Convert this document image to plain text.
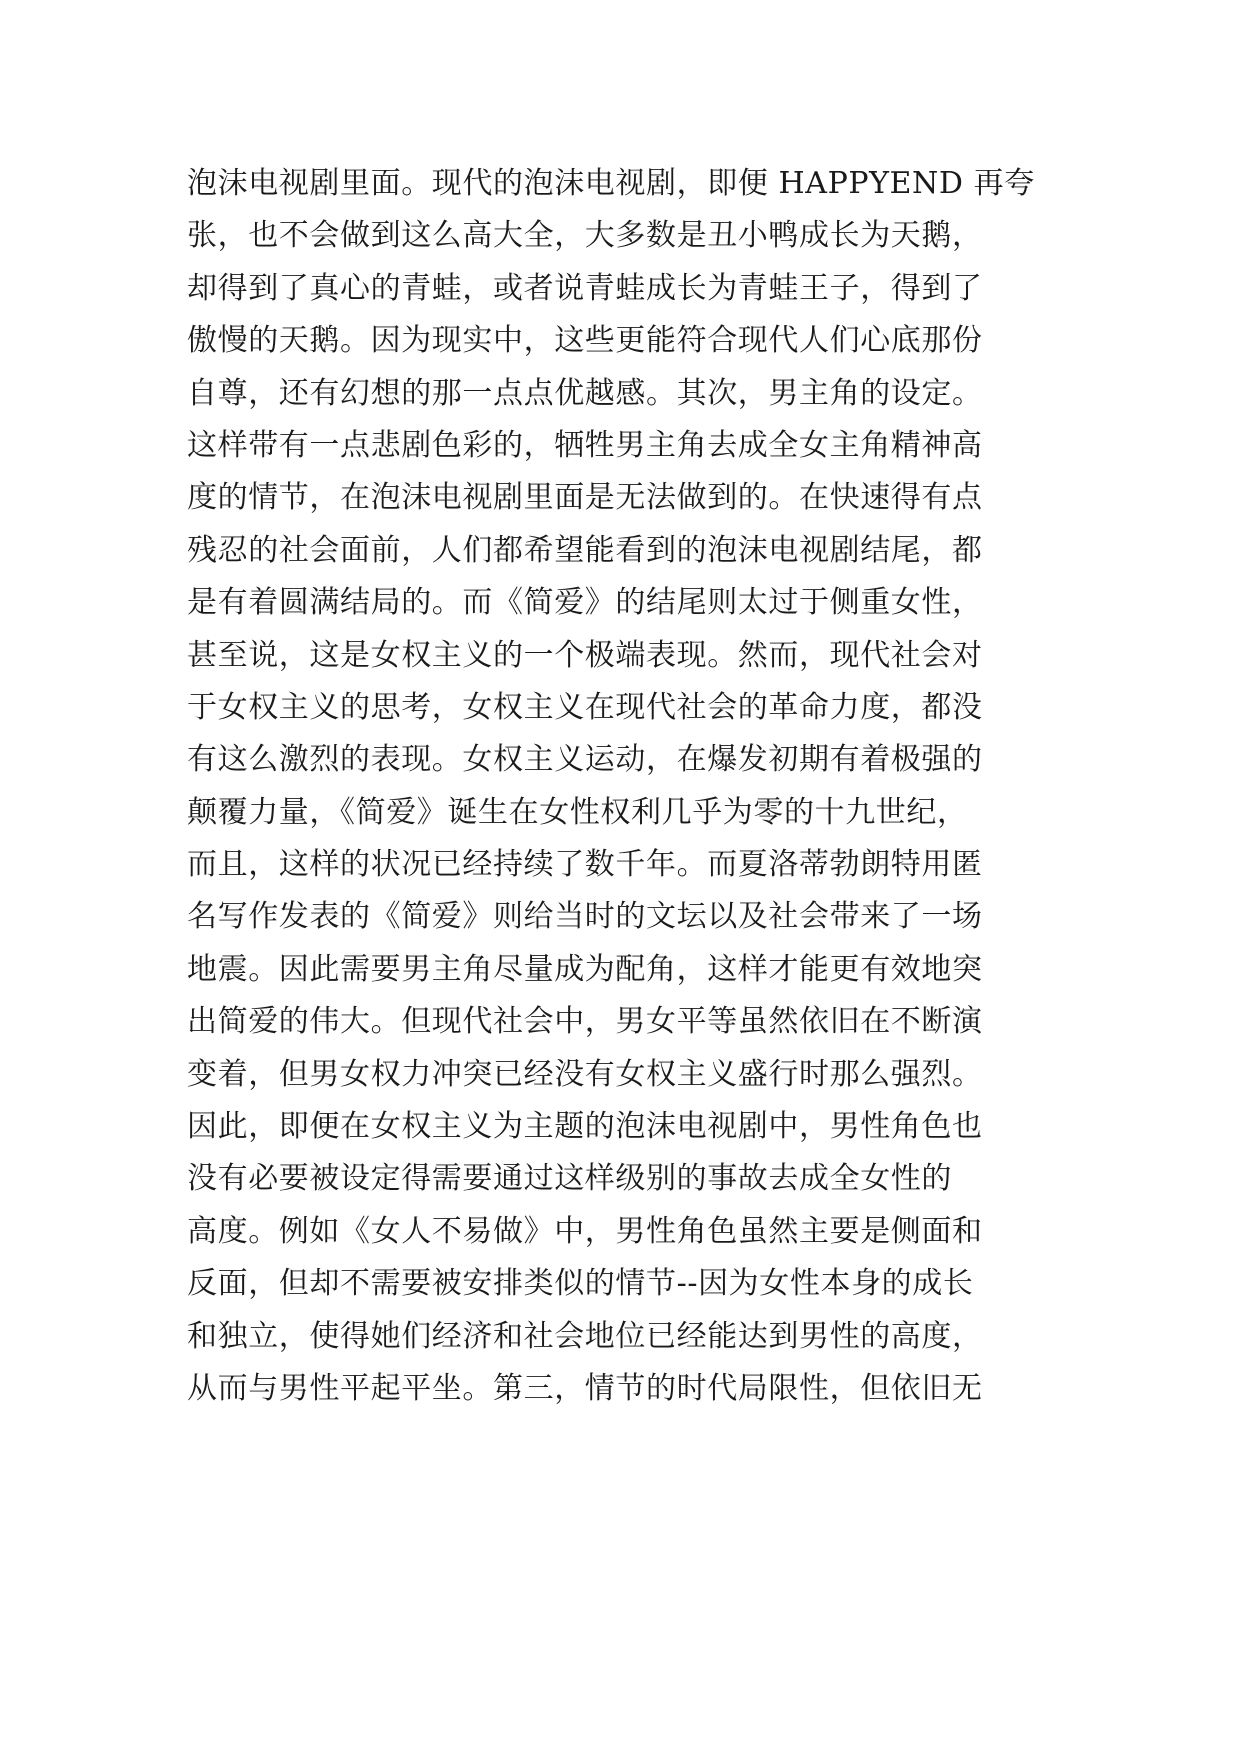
泡沫电视剧里面。现代的泡沫电视剧，即便 HAPPYEND 再夸
张，也不会做到这么高大全，大多数是丑小鸭成长为天鹅，
却得到了真心的青蛙，或者说青蛙成长为青蛙王子，得到了
傲慢的天鹅。因为现实中，这些更能符合现代人们心底那份
自尊，还有幻想的那一点点优越感。其次，男主角的设定。
这样带有一点悲剧色彩的，牺牲男主角去成全女主角精神高
度的情节，在泡沫电视剧里面是无法做到的。在快速得有点
残忍的社会面前，人们都希望能看到的泡沫电视剧结尾，都
是有着圆满结局的。而《简爱》的结尾则太过于侧重女性，
甚至说，这是女权主义的一个极端表现。然而，现代社会对
于女权主义的思考，女权主义在现代社会的革命力度，都没
有这么激烈的表现。女权主义运动，在爆发初期有着极强的
颠覆力量，《简爱》诞生在女性权利几乎为零的十九世纪，
而且，这样的状况已经持续了数千年。而夏洛蒂勃朗特用匿
名写作发表的《简爱》则给当时的文坛以及社会带来了一场
地震。因此需要男主角尽量成为配角，这样才能更有效地突
出简爱的伟大。但现代社会中，男女平等虽然依旧在不断演
变着，但男女权力冲突已经没有女权主义盛行时那么强烈。
因此，即便在女权主义为主题的泡沫电视剧中，男性角色也
没有必要被设定得需要通过这样级别的事故去成全女性的
高度。例如《女人不易做》中，男性角色虽然主要是侧面和
反面，但却不需要被安排类似的情节--因为女性本身的成长
和独立，使得她们经济和社会地位已经能达到男性的高度，
从而与男性平起平坐。第三，情节的时代局限性，但依旧无
